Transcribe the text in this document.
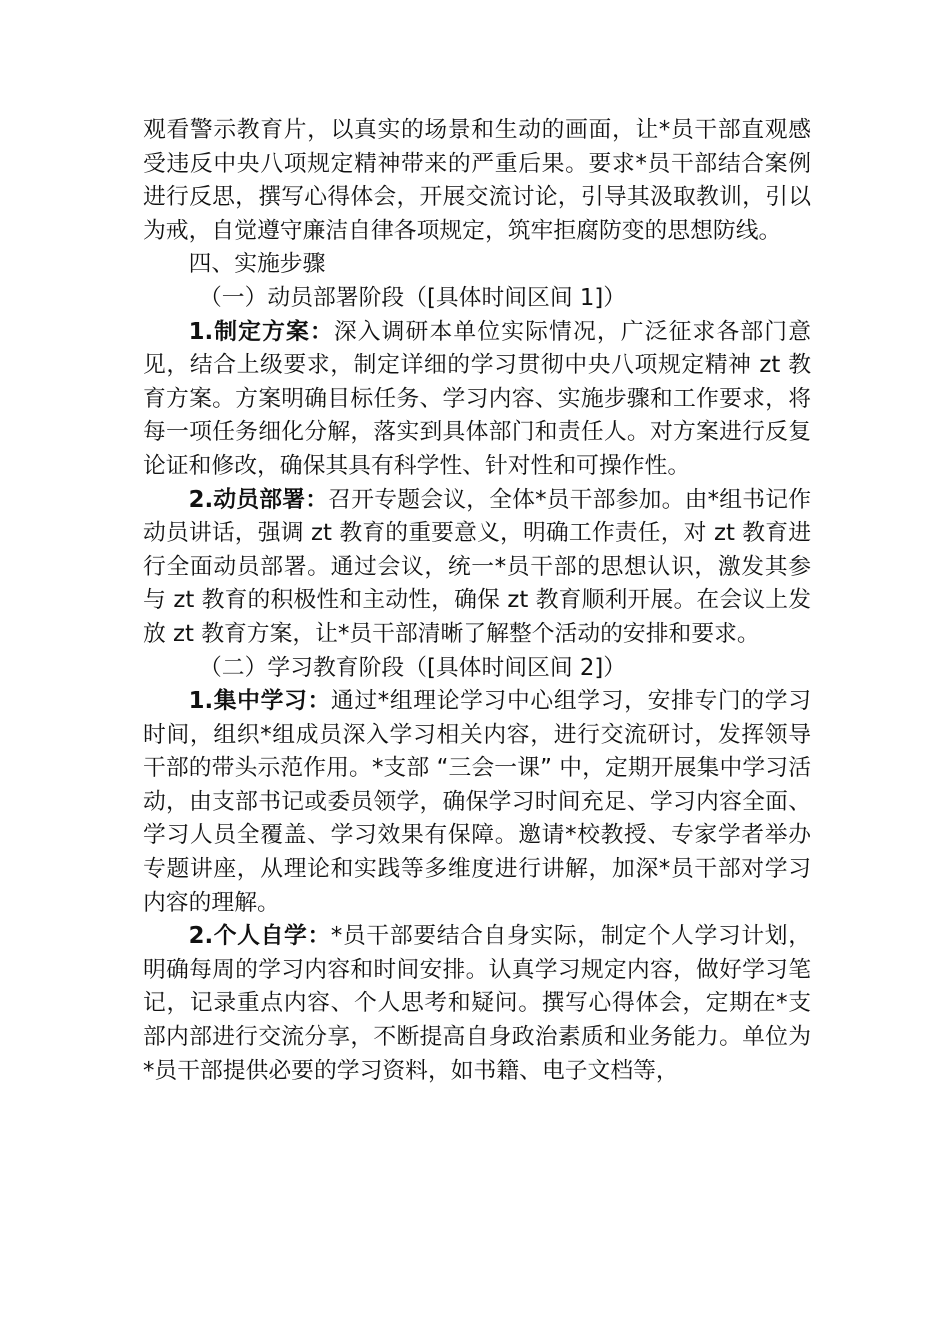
观看警示教育片，以真实的场景和生动的画面，让*员干部直观感受违反中央八项规定精神带来的严重后果。要求*员干部结合案例进行反思，撰写心得体会，开展交流讨论，引导其汲取教训，引以为戒，自觉遵守廉洁自律各项规定，筑牢拒腐防变的思想防线。

四、实施步骤

（一）动员部署阶段（[具体时间区间 1]）

1.制定方案：深入调研本单位实际情况，广泛征求各部门意见，结合上级要求，制定详细的学习贯彻中央八项规定精神 zt 教育方案。方案明确目标任务、学习内容、实施步骤和工作要求，将每一项任务细化分解，落实到具体部门和责任人。对方案进行反复论证和修改，确保其具有科学性、针对性和可操作性。

2.动员部署：召开专题会议，全体*员干部参加。由*组书记作动员讲话，强调 zt 教育的重要意义，明确工作责任，对 zt 教育进行全面动员部署。通过会议，统一*员干部的思想认识，激发其参与 zt 教育的积极性和主动性，确保 zt 教育顺利开展。在会议上发放 zt 教育方案，让*员干部清晰了解整个活动的安排和要求。

（二）学习教育阶段（[具体时间区间 2]）

1.集中学习：通过*组理论学习中心组学习，安排专门的学习时间，组织*组成员深入学习相关内容，进行交流研讨，发挥领导干部的带头示范作用。*支部 “三会一课” 中，定期开展集中学习活动，由支部书记或委员领学，确保学习时间充足、学习内容全面、学习人员全覆盖、学习效果有保障。邀请*校教授、专家学者举办专题讲座，从理论和实践等多维度进行讲解，加深*员干部对学习内容的理解。

2.个人自学：*员干部要结合自身实际，制定个人学习计划，明确每周的学习内容和时间安排。认真学习规定内容，做好学习笔记，记录重点内容、个人思考和疑问。撰写心得体会，定期在*支部内部进行交流分享，不断提高自身政治素质和业务能力。单位为*员干部提供必要的学习资料，如书籍、电子文档等，
